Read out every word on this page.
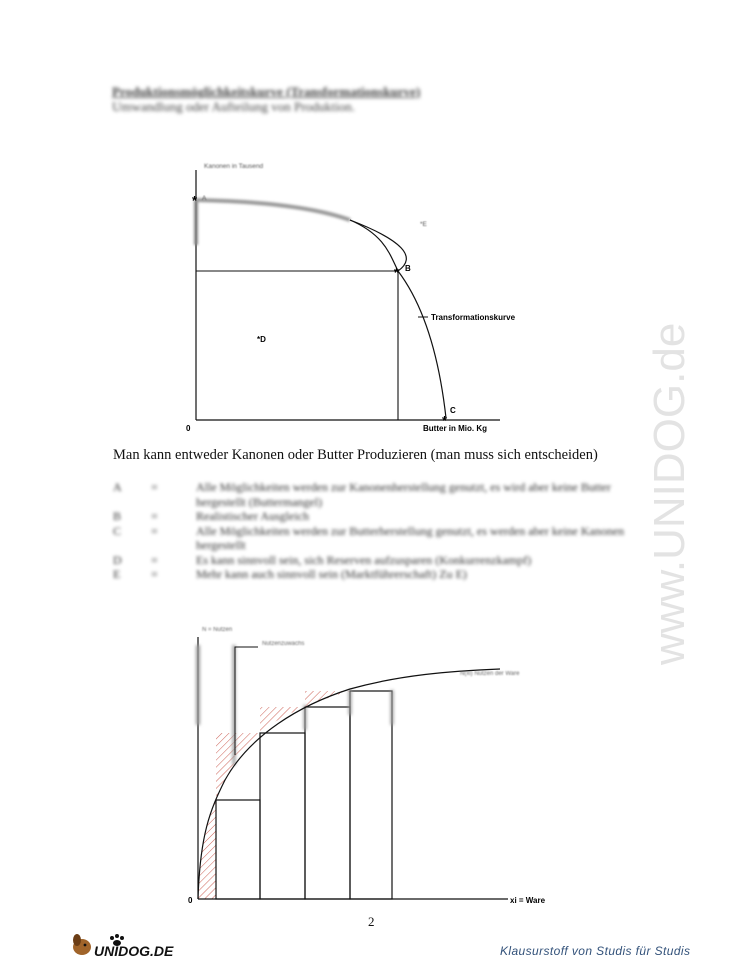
Produktionsmöglichkeitskurve (Transformationskurve)
Umwandlung oder Aufteilung von Produktion.
*
*
*
Kanonen in Tausend
A
*E
B
*D
Transformationskurve
C
0	Butter in Mio. Kg
Man kann entweder Kanonen oder Butter Produzieren (man muss sich entscheiden)
A	=	Alle Möglichkeiten werden zur Kanonenherstellung genutzt, es wird aber keine Butter hergestellt (Buttermangel)
B	=	Realistischer Ausgleich
C	=	Alle Möglichkeiten werden zur Butterherstellung genutzt, es werden aber keine Kanonen hergestellt
D	=	Es kann sinnvoll sein, sich Reserven aufzusparen (Konkurrenzkampf)
E	=	Mehr kann auch sinnvoll sein (Marktführerschaft) Zu E)
N = Nutzen
Nutzenzuwachs
N(xi) Nutzen der Ware
0	xi = Ware
www.UNIDOG.de
2
UNIDOG.DE	Klausurstoff von Studis für Studis
